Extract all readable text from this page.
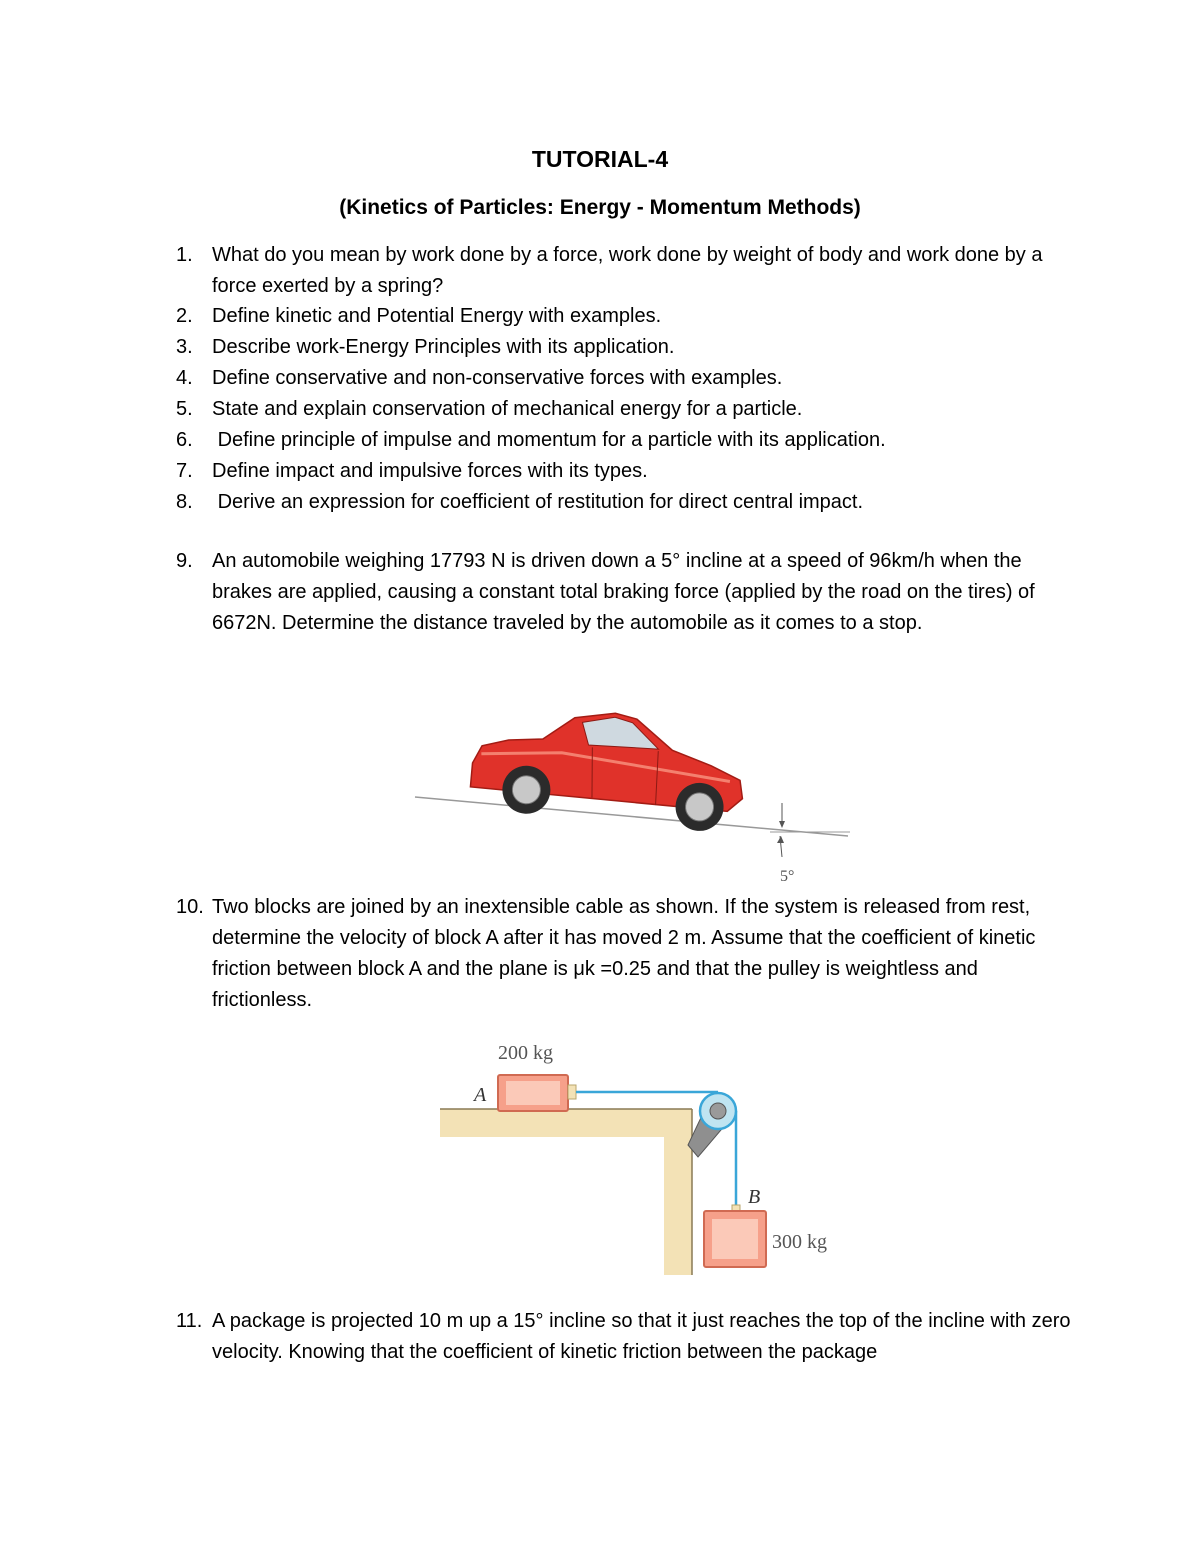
TUTORIAL-4
(Kinetics of Particles: Energy - Momentum Methods)
1. What do you mean by work done by a force, work done by weight of body and work done by a force exerted by a spring?
2. Define kinetic and Potential Energy with examples.
3. Describe work-Energy Principles with its application.
4. Define conservative and non-conservative forces with examples.
5. State and explain conservation of mechanical energy for a particle.
6. Define principle of impulse and momentum for a particle with its application.
7. Define impact and impulsive forces with its types.
8. Derive an expression for coefficient of restitution for direct central impact.
9. An automobile weighing 17793 N is driven down a 5° incline at a speed of 96km/h when the brakes are applied, causing a constant total braking force (applied by the road on the tires) of 6672N. Determine the distance traveled by the automobile as it comes to a stop.
5°
10. Two blocks are joined by an inextensible cable as shown. If the system is released from rest, determine the velocity of block A after it has moved 2 m. Assume that the coefficient of kinetic friction between block A and the plane is μk =0.25 and that the pulley is weightless and frictionless.
A
200 kg
B
300 kg
11. A package is projected 10 m up a 15° incline so that it just reaches the top of the incline with zero velocity. Knowing that the coefficient of kinetic friction between the package
